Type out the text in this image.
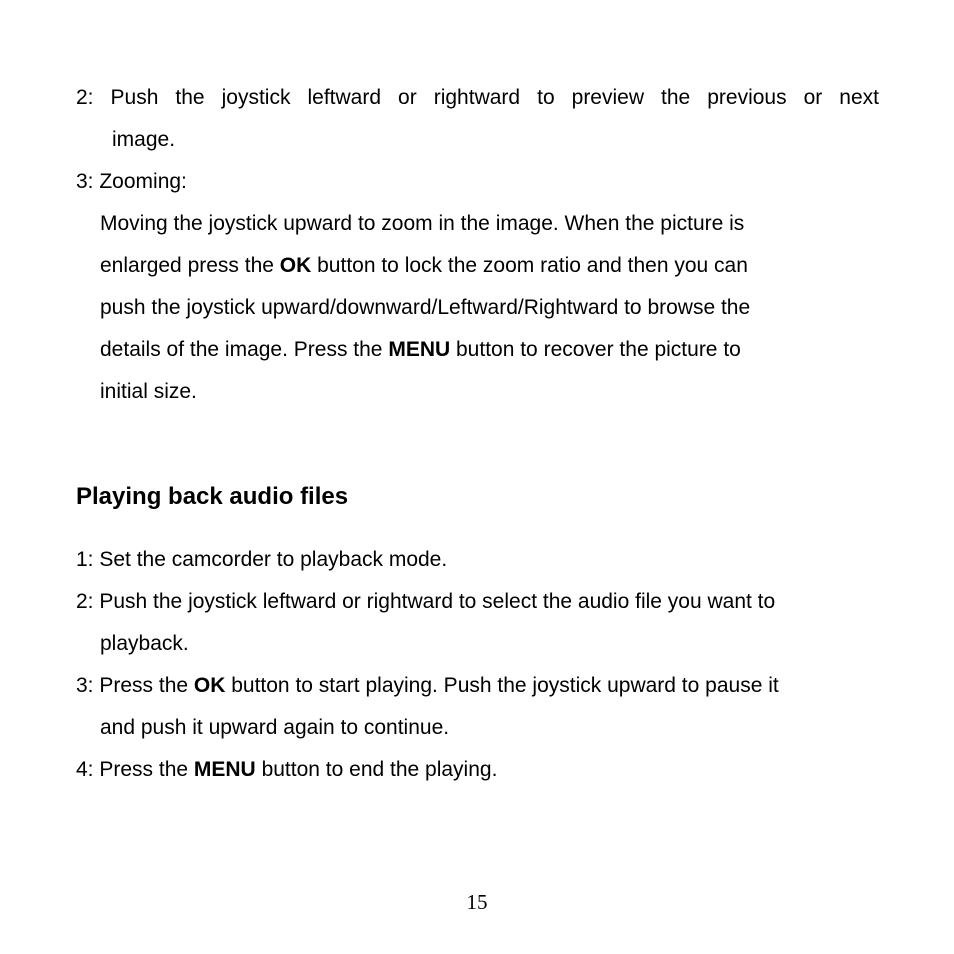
2: Push the joystick leftward or rightward to preview the previous or next
image.
3: Zooming:
Moving the joystick upward to zoom in the image. When the picture is
enlarged press the OK button to lock the zoom ratio and then you can
push the joystick upward/downward/Leftward/Rightward to browse the
details of the image. Press the MENU button to recover the picture to
initial size.
Playing back audio files
1: Set the camcorder to playback mode.
2: Push the joystick leftward or rightward to select the audio file you want to
playback.
3: Press the OK button to start playing. Push the joystick upward to pause it
and push it upward again to continue.
4: Press the MENU button to end the playing.
15
